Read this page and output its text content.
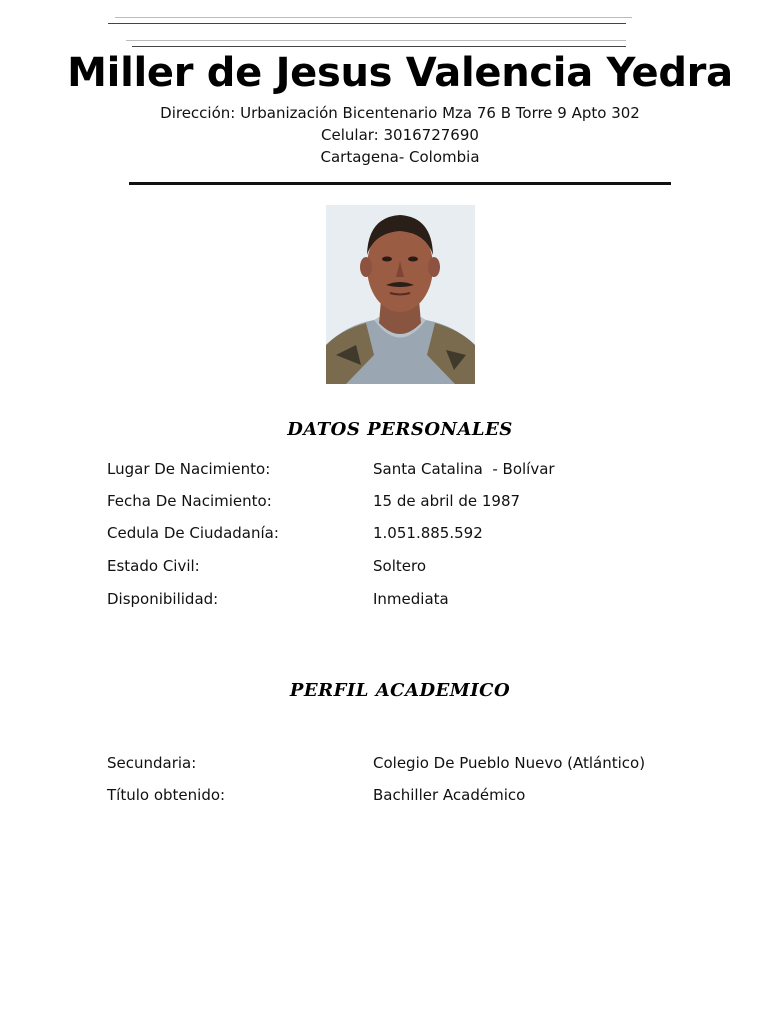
Miller de Jesus Valencia Yedra
Dirección: Urbanización Bicentenario Mza 76 B Torre 9 Apto 302
Celular: 3016727690
Cartagena- Colombia
DATOS PERSONALES
Lugar De Nacimiento:	Santa Catalina  - Bolívar
Fecha De Nacimiento:	15 de abril de 1987
Cedula De Ciudadanía:	1.051.885.592
Estado Civil:	Soltero
Disponibilidad:	Inmediata
PERFIL ACADEMICO
Secundaria:	Colegio De Pueblo Nuevo (Atlántico)
Título obtenido:	Bachiller Académico
